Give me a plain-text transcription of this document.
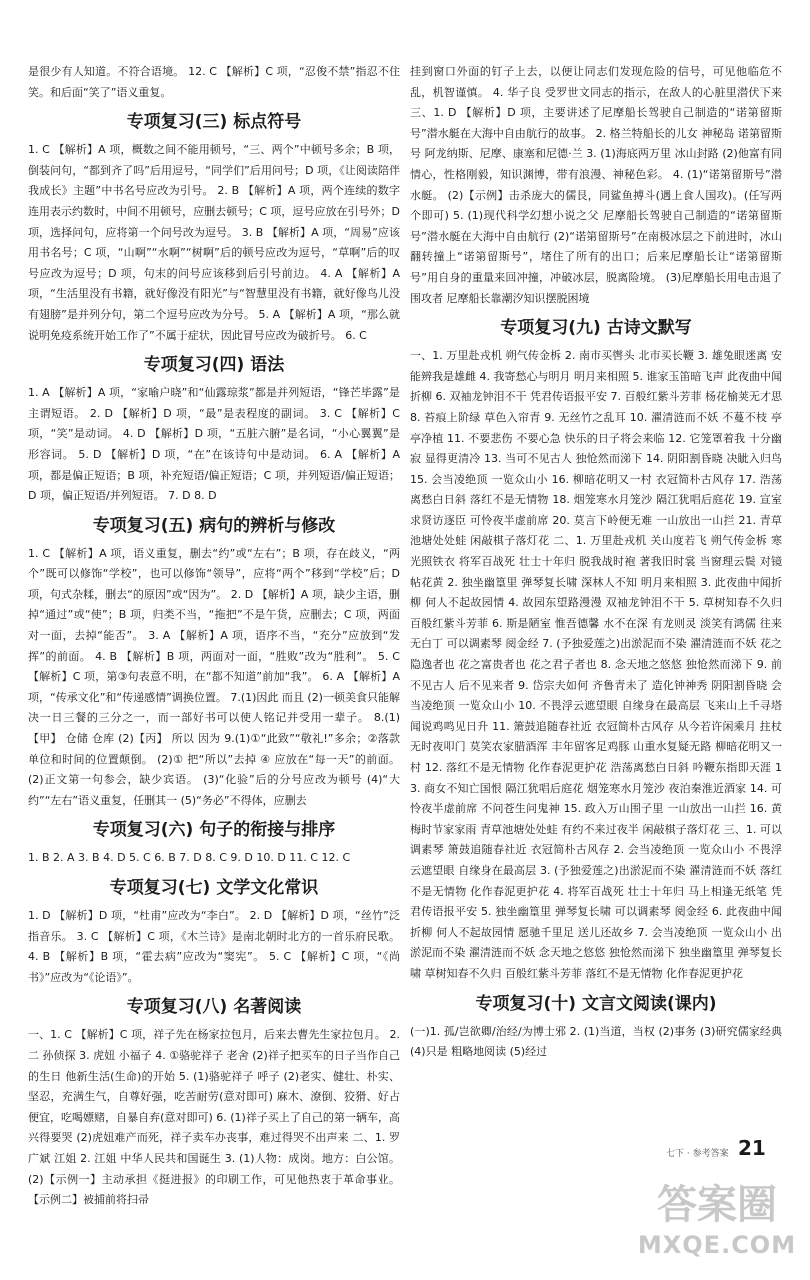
是很少有人知道。不符合语境。 12. C 【解析】C 项，“忍俊不禁”指忍不住笑。和后面“笑了”语义重复。
专项复习(三) 标点符号
1. C 【解析】A 项，概数之间不能用顿号，“三、两个”中顿号多余；B 项，倒装问句，“都到齐了吗”后用逗号，“同学们”后用问号；D 项，《让阅读陪伴我成长》主题”中书名号应改为引号。 2. B 【解析】A 项，两个连续的数字连用表示约数时，中间不用顿号，应删去顿号；C 项，逗号应放在引号外；D 项，选择问句，应将第一个问号改为逗号。 3. B 【解析】A 项，“周易”应该用书名号；C 项，“山啊”“水啊”“树啊”后的顿号应改为逗号，“草啊”后的叹号应改为逗号；D 项，句末的问号应该移到后引号前边。 4. A 【解析】A 项，“生活里没有书籍，就好像没有阳光”与“智慧里没有书籍，就好像鸟儿没有翅膀”是并列分句，第二个逗号应改为分号。 5. A 【解析】A 项，“那么就说明免疫系统开始工作了”不属于症状，因此冒号应改为破折号。 6. C
专项复习(四) 语法
1. A 【解析】A 项，“家喻户晓”和“仙露琼浆”都是并列短语，“锋芒毕露”是主谓短语。 2. D 【解析】D 项，“最”是表程度的副词。 3. C 【解析】C 项，“笑”是动词。 4. D 【解析】D 项，“五脏六腑”是名词，“小心翼翼”是形容词。 5. D 【解析】D 项，“在”在该诗句中是动词。 6. A 【解析】A 项，都是偏正短语；B 项，补充短语/偏正短语；C 项，并列短语/偏正短语；D 项，偏正短语/并列短语。 7. D 8. D
专项复习(五) 病句的辨析与修改
1. C 【解析】A 项，语义重复，删去“约”或“左右”；B 项，存在歧义，“两个”既可以修饰“学校”，也可以修饰“领导”，应将“两个”移到“学校”后；D 项，句式杂糅，删去“的原因”或“因为”。 2. D 【解析】A 项，缺少主语，删掉“通过”或“使”；B 项，归类不当，“拖把”不是午货，应删去；C 项，两面对一面，去掉“能否”。 3. A 【解析】A 项，语序不当，“充分”应放到“发挥”的前面。 4. B 【解析】B 项，两面对一面，“胜败”改为“胜利”。 5. C 【解析】C 项，第③句表意不明，在“都不知道”前加“我”。 6. A 【解析】A 项，“传承文化”和“传递感情”调换位置。 7.(1)因此 而且 (2)一顿美食只能解决一日三餐的三分之一，而一部好书可以使人铭记并受用一辈子。 8.(1)【甲】 仓储 仓库 (2)【丙】 所以 因为 9.(1)①“此致”“敬礼!”多余；②落款单位和时间的位置颠倒。 (2)① 把“所以”去掉 ④ 应放在“每一天”的前面。 (2)正文第一句参会，缺少宾语。 (3)“化验”后的分号应改为顿号 (4)“大约”“左右”语义重复，任删其一 (5)“务必”不得体，应删去
专项复习(六) 句子的衔接与排序
1. B 2. A 3. B 4. D 5. C 6. B 7. D 8. C 9. D 10. D 11. C 12. C
专项复习(七) 文学文化常识
1. D 【解析】D 项，“杜甫”应改为“李白”。 2. D 【解析】D 项，“丝竹”泛指音乐。 3. C 【解析】C 项，《木兰诗》是南北朝时北方的一首乐府民歌。 4. B 【解析】B 项，“霍去病”应改为“窦宪”。 5. C 【解析】C 项，“《尚书》”应改为“《论语》”。
专项复习(八) 名著阅读
一、1. C 【解析】C 项，祥子先在杨家拉包月，后来去曹先生家拉包月。 2. 二 孙侦探 3. 虎妞 小福子 4. ①骆驼祥子 老舍 (2)祥子把买车的日子当作自己的生日 他新生活(生命)的开始 5. (1)骆驼祥子 呼子 (2)老实、健壮、朴实、坚忍，充满生气，自尊好强，吃苦耐劳(意对即可) 麻木、潦倒、狡猾、好占便宜，吃喝嫖赌，自暴自弃(意对即可) 6. (1)祥子买上了自己的第一辆车，高兴得要哭 (2)虎妞难产而死，祥子卖车办丧事，难过得哭不出声来 二、1. 罗广斌 江姐 2. 江姐 中华人民共和国诞生 3. (1)人物：成岗。地方：白公馆。 (2)【示例一】主动承担《挺进报》的印刷工作，可见他热衷于革命事业。【示例二】被捕前将扫帚
挂到窗口外面的钉子上去，以便让同志们发现危险的信号，可见他临危不乱，机智谨慎。 4. 华子良 受罗世文同志的指示，在敌人的心脏里潜伏下来 三、1. D 【解析】D 项，主要讲述了尼摩船长驾驶自己制造的“诺第留斯号”潜水艇在大海中自由航行的故事。 2. 格兰特船长的儿女 神秘岛 诺第留斯号 阿龙纳斯、尼摩、康塞和尼德·兰 3. (1)海底两万里 冰山封路 (2)他富有同情心，性格刚毅，知识渊博，带有浪漫、神秘色彩。 4. (1)“诺第留斯号”潜水艇。 (2)【示例】击杀庞大的儒艮，同鲨鱼搏斗(遇上食人国攻)。(任写两个即可) 5. (1)现代科学幻想小说之父 尼摩船长驾驶自己制造的“诺第留斯号”潜水艇在大海中自由航行 (2)“诺第留斯号”在南极冰层之下前进时，冰山翻转撞上“诺第留斯号”，堵住了所有的出口；后来尼摩船长让“诺第留斯号”用自身的重量来回冲撞，冲破冰层，脱离险境。 (3)尼摩船长用电击退了围攻者 尼摩船长靠潮汐知识摆脱困境
专项复习(九) 古诗文默写
一、1. 万里赴戎机 朔气传金柝 2. 南市买辔头 北市买长鞭 3. 雄兔眼迷离 安能辨我是雄雌 4. 我寄愁心与明月 明月来相照 5. 谁家玉笛暗飞声 此夜曲中闻折柳 6. 双袖龙钟泪不干 凭君传语报平安 7. 百般红紫斗芳菲 杨花榆荚无才思 8. 苔痕上阶绿 草色入帘青 9. 无丝竹之乱耳 10. 濯清涟而不妖 不蔓不枝 亭亭净植 11. 不要悲伤 不要心急 快乐的日子将会来临 12. 它笼罩着我 十分幽寂 显得更清冷 13. 当可不见古人 独怆然而涕下 14. 阴阳割昏晓 决眦入归鸟 15. 会当凌绝顶 一览众山小 16. 柳暗花明又一村 衣冠简朴古风存 17. 浩荡离愁白日斜 落红不是无情物 18. 烟笼寒水月笼沙 隔江犹唱后庭花 19. 宣室求贤访逐臣 可怜夜半虚前席 20. 莫言下岭便无难 一山放出一山拦 21. 青草池塘处处蛙 闲敲棋子落灯花 二、1. 万里赴戎机 关山度若飞 朔气传金柝 寒光照铁衣 将军百战死 壮士十年归 脱我战时袍 著我旧时裳 当窗理云鬓 对镜帖花黄 2. 独坐幽篁里 弹琴复长啸 深林人不知 明月来相照 3. 此夜曲中闻折柳 何人不起故园情 4. 故园东望路漫漫 双袖龙钟泪不干 5. 草树知春不久归 百般红紫斗芳菲 6. 斯是陋室 惟吾德馨 水不在深 有龙则灵 淡笑有鸿儒 往来无白丁 可以调素琴 阅金经 7. (予独爱莲之)出淤泥而不染 濯清涟而不妖 花之隐逸者也 花之富贵者也 花之君子者也 8. 念天地之悠悠 独怆然而涕下 9. 前不见古人 后不见来者 9. 岱宗夫如何 齐鲁青未了 造化钟神秀 阴阳割昏晓 会当凌绝顶 一览众山小 10. 不畏浮云遮望眼 自缘身在最高层 飞来山上千寻塔 闻说鸡鸣见日升 11. 箫鼓追随春社近 衣冠简朴古风存 从今若许闲乘月 拄杖无时夜叩门 莫笑农家腊酒浑 丰年留客足鸡豚 山重水复疑无路 柳暗花明又一村 12. 落红不是无情物 化作春泥更护花 浩荡离愁白日斜 吟鞭东指即天涯 13. 商女不知亡国恨 隔江犹唱后庭花 烟笼寒水月笼沙 夜泊秦淮近酒家 14. 可怜夜半虚前席 不问苍生问鬼神 15. 政入万山围子里 一山放出一山拦 16. 黄梅时节家家雨 青草池塘处处蛙 有约不来过夜半 闲敲棋子落灯花 三、1. 可以调素琴 箫鼓追随春社近 衣冠简朴古风存 2. 会当凌绝顶 一览众山小 不畏浮云遮望眼 自缘身在最高层 3. (予独爱莲之)出淤泥而不染 濯清涟而不妖 落红不是无情物 化作春泥更护花 4. 将军百战死 壮士十年归 马上相逢无纸笔 凭君传语报平安 5. 独坐幽篁里 弹琴复长啸 可以调素琴 阅金经 6. 此夜曲中闻折柳 何人不起故园情 愿驰千里足 送儿还故乡 7. 会当凌绝顶 一览众山小 出淤泥而不染 濯清涟而不妖 念天地之悠悠 独怆然而涕下 独坐幽篁里 弹琴复长啸 草树知春不久归 百般红紫斗芳菲 落红不是无情物 化作春泥更护花
专项复习(十) 文言文阅读(课内)
(一)1. 孤/岂欲卿/治经/为博士邪 2. (1)当道，当权 (2)事务 (3)研究儒家经典 (4)只是 粗略地阅读 (5)经过
七下 · 参考答案 21
答案圈
MXQE.COM
